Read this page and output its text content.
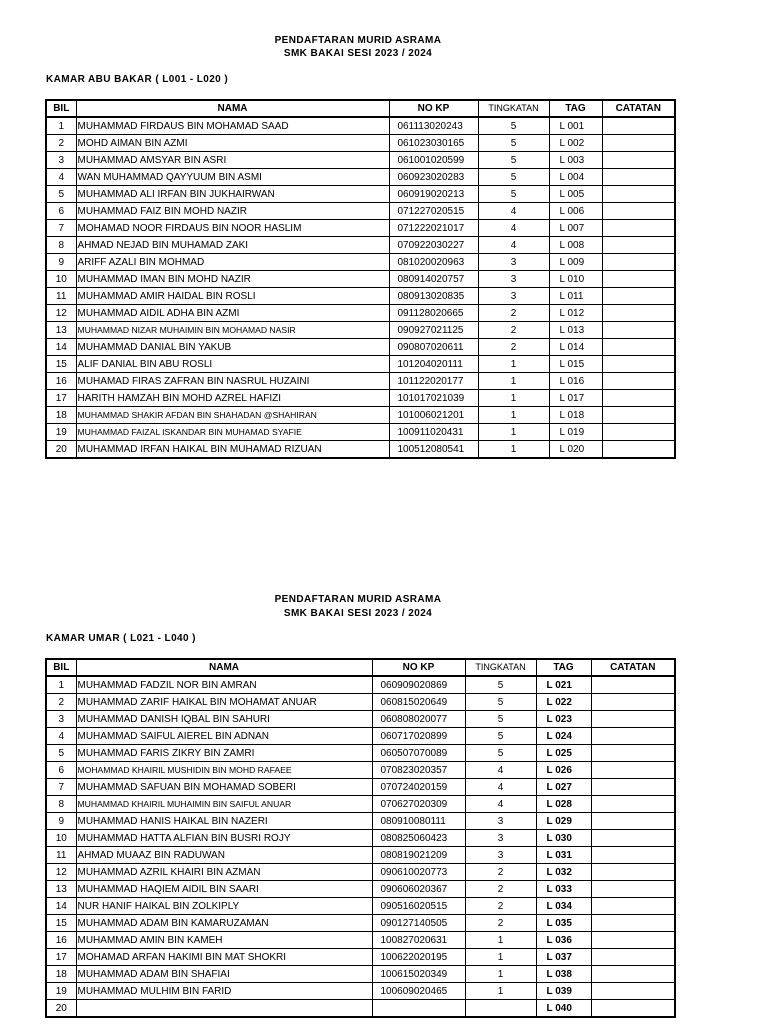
PENDAFTARAN MURID ASRAMA
SMK BAKAI SESI 2023 / 2024
KAMAR ABU BAKAR ( L001 - L020 )
BIL	NAMA	NO KP	TINGKATAN	TAG	CATATAN
1	MUHAMMAD FIRDAUS BIN MOHAMAD SAAD	061113020243	5	L 001	
2	MOHD AIMAN BIN AZMI	061023030165	5	L 002	
3	MUHAMMAD AMSYAR BIN ASRI	061001020599	5	L 003	
4	WAN MUHAMMAD QAYYUUM BIN ASMI	060923020283	5	L 004	
5	MUHAMMAD ALI IRFAN BIN JUKHAIRWAN	060919020213	5	L 005	
6	MUHAMMAD FAIZ BIN MOHD NAZIR	071227020515	4	L 006	
7	MOHAMAD NOOR FIRDAUS BIN NOOR HASLIM	071222021017	4	L 007	
8	AHMAD NEJAD BIN MUHAMAD ZAKI	070922030227	4	L 008	
9	ARIFF AZALI BIN MOHMAD	081020020963	3	L 009	
10	MUHAMMAD IMAN BIN MOHD NAZIR	080914020757	3	L 010	
11	MUHAMMAD AMIR HAIDAL BIN ROSLI	080913020835	3	L 011	
12	MUHAMMAD AIDIL ADHA BIN AZMI	091128020665	2	L 012	
13	MUHAMMAD NIZAR MUHAIMIN BIN MOHAMAD NASIR	090927021125	2	L 013	
14	MUHAMMAD DANIAL BIN YAKUB	090807020611	2	L 014	
15	ALIF DANIAL BIN ABU ROSLI	101204020111	1	L 015	
16	MUHAMAD FIRAS ZAFRAN BIN NASRUL HUZAINI	101122020177	1	L 016	
17	HARITH HAMZAH BIN MOHD AZREL HAFIZI	101017021039	1	L 017	
18	MUHAMMAD SHAKIR AFDAN BIN SHAHADAN @SHAHIRAN	101006021201	1	L 018	
19	MUHAMMAD FAIZAL ISKANDAR BIN MUHAMAD SYAFIE	100911020431	1	L 019	
20	MUHAMMAD IRFAN HAIKAL BIN MUHAMAD RIZUAN	100512080541	1	L 020	
PENDAFTARAN MURID ASRAMA
SMK BAKAI SESI 2023 / 2024
KAMAR UMAR ( L021 - L040 )
BIL	NAMA	NO KP	TINGKATAN	TAG	CATATAN
1	MUHAMMAD FADZIL NOR BIN AMRAN	060909020869	5	L 021	
2	MUHAMMAD ZARIF HAIKAL BIN MOHAMAT ANUAR	060815020649	5	L 022	
3	MUHAMMAD DANISH IQBAL BIN SAHURI	060808020077	5	L 023	
4	MUHAMMAD SAIFUL AIEREL BIN ADNAN	060717020899	5	L 024	
5	MUHAMMAD FARIS ZIKRY BIN ZAMRI	060507070089	5	L 025	
6	MOHAMMAD KHAIRIL MUSHIDIN BIN MOHD RAFAEE	070823020357	4	L 026	
7	MUHAMMAD SAFUAN BIN MOHAMAD SOBERI	070724020159	4	L 027	
8	MUHAMMAD KHAIRIL MUHAIMIN BIN SAIFUL ANUAR	070627020309	4	L 028	
9	MUHAMMAD HANIS HAIKAL BIN NAZERI	080910080111	3	L 029	
10	MUHAMMAD HATTA ALFIAN BIN BUSRI ROJY	080825060423	3	L 030	
11	AHMAD MUAAZ BIN RADUWAN	080819021209	3	L 031	
12	MUHAMMAD AZRIL KHAIRI BIN AZMAN	090610020773	2	L 032	
13	MUHAMMAD HAQIEM AIDIL BIN SAARI	090606020367	2	L 033	
14	NUR HANIF HAIKAL BIN ZOLKIPLY	090516020515	2	L 034	
15	MUHAMMAD ADAM BIN KAMARUZAMAN	090127140505	2	L 035	
16	MUHAMMAD AMIN BIN KAMEH	100827020631	1	L 036	
17	MOHAMAD ARFAN HAKIMI BIN MAT SHOKRI	100622020195	1	L 037	
18	MUHAMMAD ADAM BIN SHAFIAI	100615020349	1	L 038	
19	MUHAMMAD MULHIM BIN FARID	100609020465	1	L 039	
20				L 040	
